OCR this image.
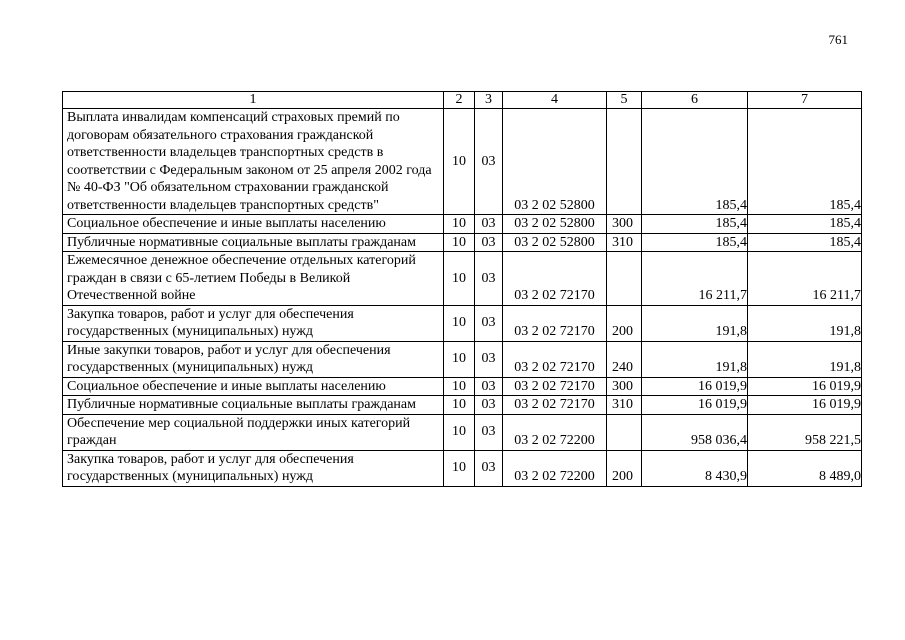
761
1	2	3	4	5	6	7
Выплата инвалидам компенсаций страховых премий по договорам обязательного страхования гражданской ответственности владельцев транспортных средств в соответствии с Федеральным законом от 25 апреля 2002 года № 40-ФЗ "Об обязательном страховании гражданской ответственности владельцев транспортных средств"	10	03	03 2 02 52800		185,4	185,4
Социальное обеспечение и иные выплаты населению	10	03	03 2 02 52800	300	185,4	185,4
Публичные нормативные социальные выплаты гражданам	10	03	03 2 02 52800	310	185,4	185,4
Ежемесячное денежное обеспечение отдельных категорий граждан в связи с 65-летием Победы в Великой Отечественной войне	10	03	03 2 02 72170		16 211,7	16 211,7
Закупка товаров, работ и услуг для обеспечения государственных (муниципальных) нужд	10	03	03 2 02 72170	200	191,8	191,8
Иные закупки товаров, работ и услуг для обеспечения государственных (муниципальных) нужд	10	03	03 2 02 72170	240	191,8	191,8
Социальное обеспечение и иные выплаты населению	10	03	03 2 02 72170	300	16 019,9	16 019,9
Публичные нормативные социальные выплаты гражданам	10	03	03 2 02 72170	310	16 019,9	16 019,9
Обеспечение мер социальной поддержки иных категорий граждан	10	03	03 2 02 72200		958 036,4	958 221,5
Закупка товаров, работ и услуг для обеспечения государственных (муниципальных) нужд	10	03	03 2 02 72200	200	8 430,9	8 489,0
